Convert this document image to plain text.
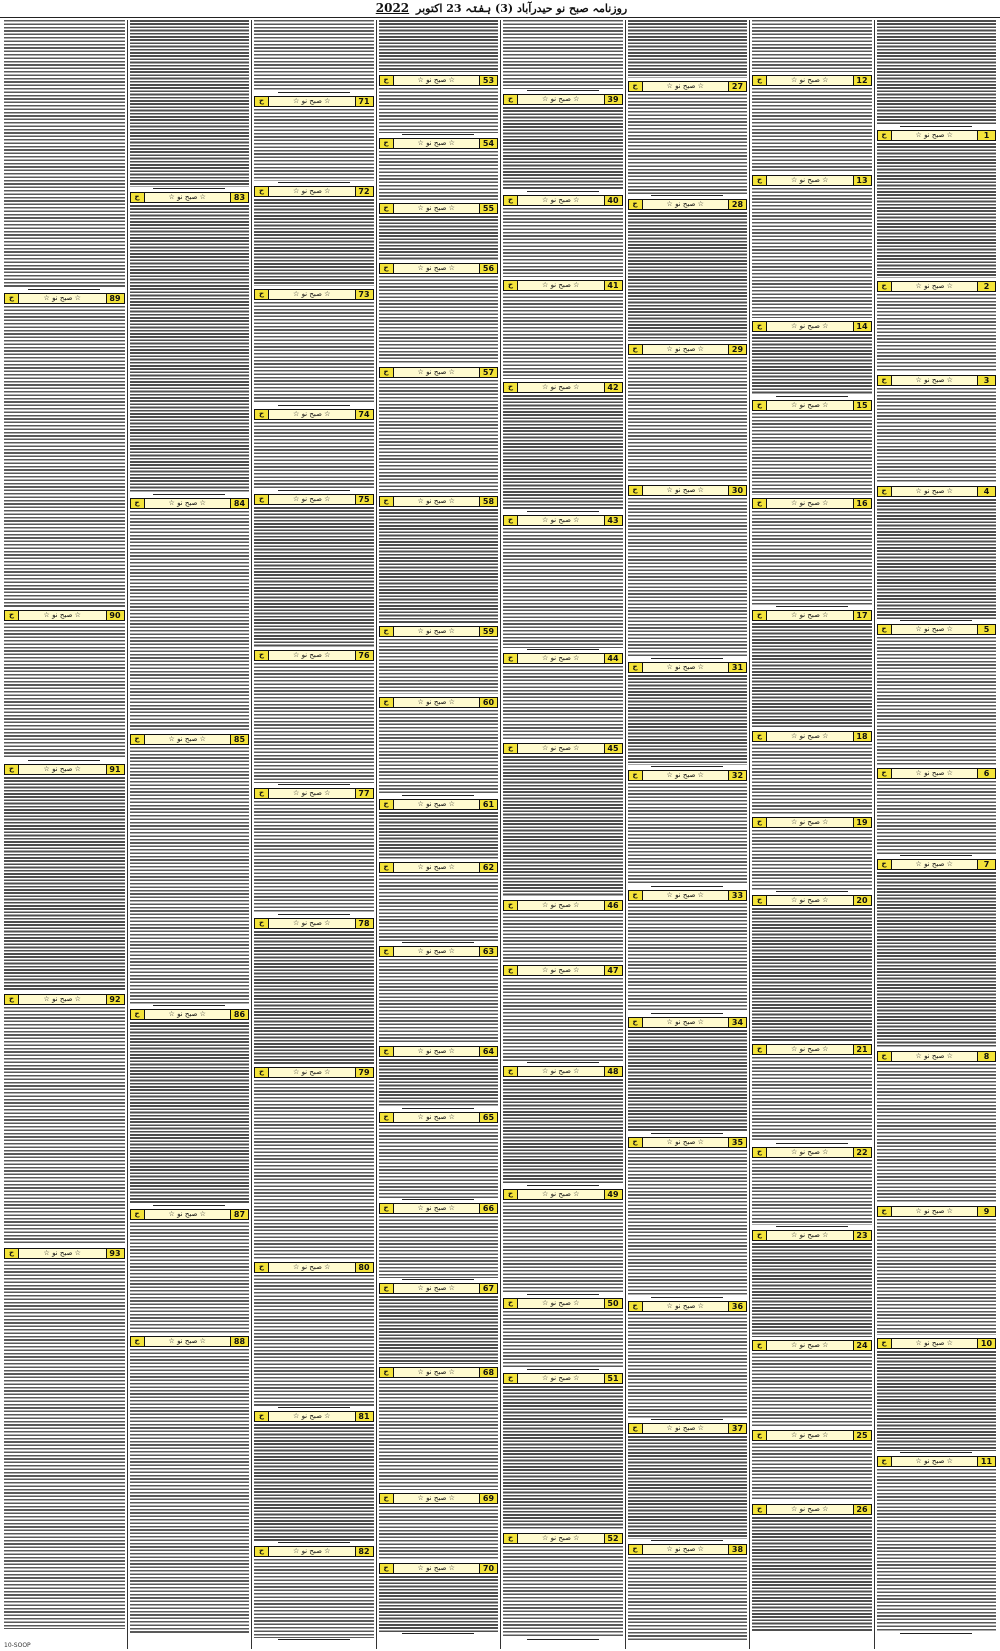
روزنامہ صبح نو حیدرآباد (3) ہفتہ 23 اکتوبر 2022
1
☆ صبح نو ☆
ح
2
☆ صبح نو ☆
ح
3
☆ صبح نو ☆
ح
4
☆ صبح نو ☆
ح
5
☆ صبح نو ☆
ح
6
☆ صبح نو ☆
ح
7
☆ صبح نو ☆
ح
8
☆ صبح نو ☆
ح
9
☆ صبح نو ☆
ح
10
☆ صبح نو ☆
ح
11
☆ صبح نو ☆
ح
12
☆ صبح نو ☆
ح
13
☆ صبح نو ☆
ح
14
☆ صبح نو ☆
ح
15
☆ صبح نو ☆
ح
16
☆ صبح نو ☆
ح
17
☆ صبح نو ☆
ح
18
☆ صبح نو ☆
ح
19
☆ صبح نو ☆
ح
20
☆ صبح نو ☆
ح
21
☆ صبح نو ☆
ح
22
☆ صبح نو ☆
ح
23
☆ صبح نو ☆
ح
24
☆ صبح نو ☆
ح
25
☆ صبح نو ☆
ح
26
☆ صبح نو ☆
ح
27
☆ صبح نو ☆
ح
28
☆ صبح نو ☆
ح
29
☆ صبح نو ☆
ح
30
☆ صبح نو ☆
ح
31
☆ صبح نو ☆
ح
32
☆ صبح نو ☆
ح
33
☆ صبح نو ☆
ح
34
☆ صبح نو ☆
ح
35
☆ صبح نو ☆
ح
36
☆ صبح نو ☆
ح
37
☆ صبح نو ☆
ح
38
☆ صبح نو ☆
ح
39
☆ صبح نو ☆
ح
40
☆ صبح نو ☆
ح
41
☆ صبح نو ☆
ح
42
☆ صبح نو ☆
ح
43
☆ صبح نو ☆
ح
44
☆ صبح نو ☆
ح
45
☆ صبح نو ☆
ح
46
☆ صبح نو ☆
ح
47
☆ صبح نو ☆
ح
48
☆ صبح نو ☆
ح
49
☆ صبح نو ☆
ح
50
☆ صبح نو ☆
ح
51
☆ صبح نو ☆
ح
52
☆ صبح نو ☆
ح
53
☆ صبح نو ☆
ح
54
☆ صبح نو ☆
ح
55
☆ صبح نو ☆
ح
56
☆ صبح نو ☆
ح
57
☆ صبح نو ☆
ح
58
☆ صبح نو ☆
ح
59
☆ صبح نو ☆
ح
60
☆ صبح نو ☆
ح
61
☆ صبح نو ☆
ح
62
☆ صبح نو ☆
ح
63
☆ صبح نو ☆
ح
64
☆ صبح نو ☆
ح
65
☆ صبح نو ☆
ح
66
☆ صبح نو ☆
ح
67
☆ صبح نو ☆
ح
68
☆ صبح نو ☆
ح
69
☆ صبح نو ☆
ح
70
☆ صبح نو ☆
ح
71
☆ صبح نو ☆
ح
72
☆ صبح نو ☆
ح
73
☆ صبح نو ☆
ح
74
☆ صبح نو ☆
ح
75
☆ صبح نو ☆
ح
76
☆ صبح نو ☆
ح
77
☆ صبح نو ☆
ح
78
☆ صبح نو ☆
ح
79
☆ صبح نو ☆
ح
80
☆ صبح نو ☆
ح
81
☆ صبح نو ☆
ح
82
☆ صبح نو ☆
ح
83
☆ صبح نو ☆
ح
84
☆ صبح نو ☆
ح
85
☆ صبح نو ☆
ح
86
☆ صبح نو ☆
ح
87
☆ صبح نو ☆
ح
88
☆ صبح نو ☆
ح
89
☆ صبح نو ☆
ح
90
☆ صبح نو ☆
ح
91
☆ صبح نو ☆
ح
92
☆ صبح نو ☆
ح
93
☆ صبح نو ☆
ح
10-SOOP
